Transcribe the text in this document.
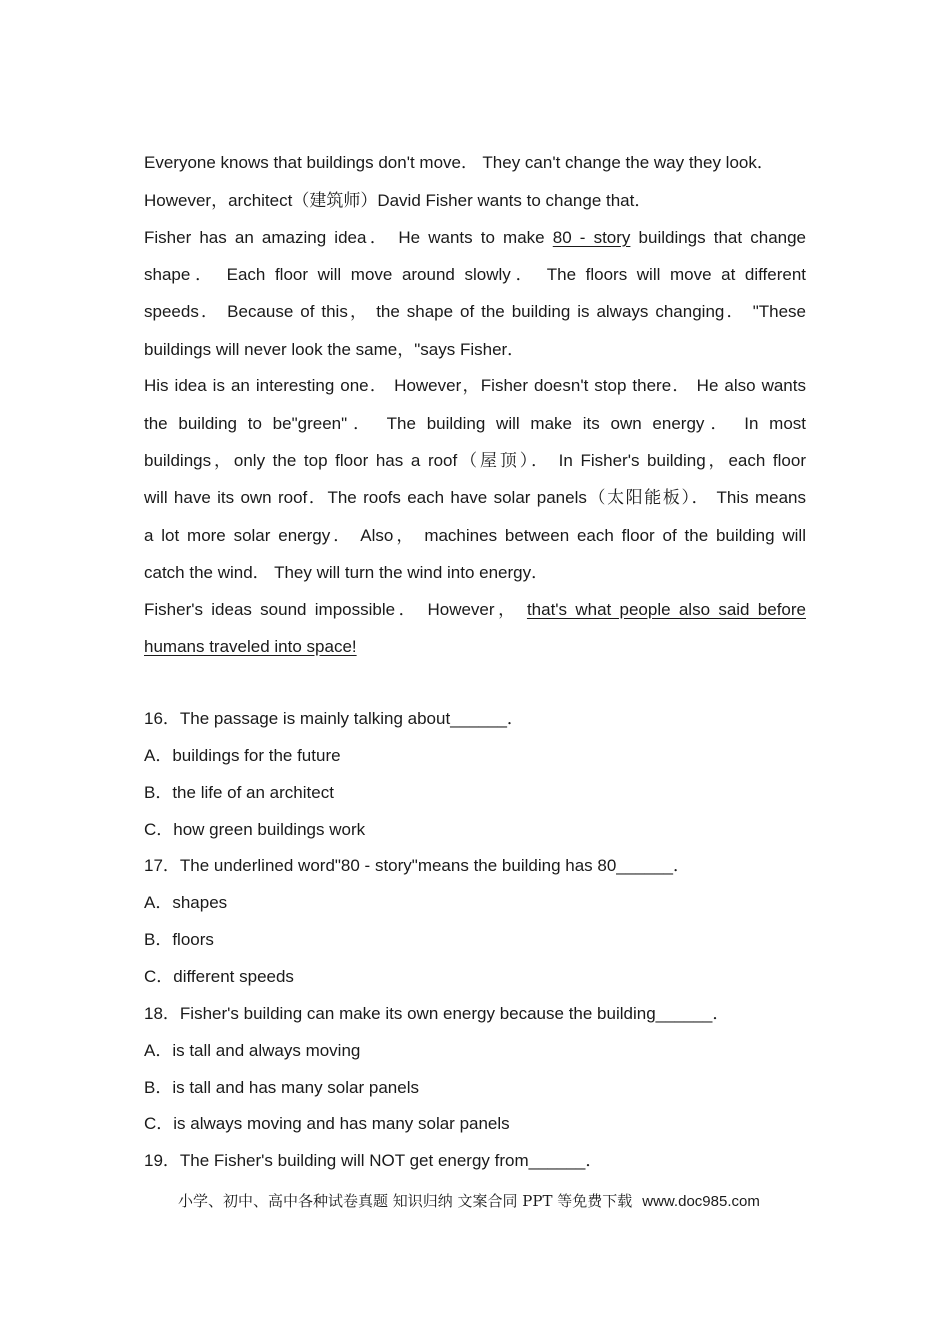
Everyone knows that buildings don't move． They can't change the way they look．
However，architect（建筑师）David Fisher wants to change that．
Fisher has an amazing idea． He wants to make 80 ‑ story buildings that change
shape． Each floor will move around slowly． The floors will move at different
speeds． Because of this， the shape of the building is always changing． "These
buildings will never look the same，"says Fisher．
His idea is an interesting one． However，Fisher doesn't stop there． He also wants
the building to be"green"． The building will make its own energy． In most
buildings，only the top floor has a roof（屋顶）． In Fisher's building，each floor
will have its own roof．The roofs each have solar panels（太阳能板）． This means
a lot more solar energy． Also， machines between each floor of the building will
catch the wind． They will turn the wind into energy．
Fisher's ideas sound impossible． However， that's what people also said before
humans traveled into space!
16．The passage is mainly talking about______．
A．buildings for the future
B．the life of an architect
C．how green buildings work
17．The underlined word"80 ‑ story"means the building has 80______．
A．shapes
B．floors
C．different speeds
18．Fisher's building can make its own energy because the building______．
A．is tall and always moving
B．is tall and has many solar panels
C．is always moving and has many solar panels
19．The Fisher's building will NOT get energy from______．
小学、初中、高中各种试卷真题 知识归纳 文案合同 PPT 等免费下载 www.doc985.com
